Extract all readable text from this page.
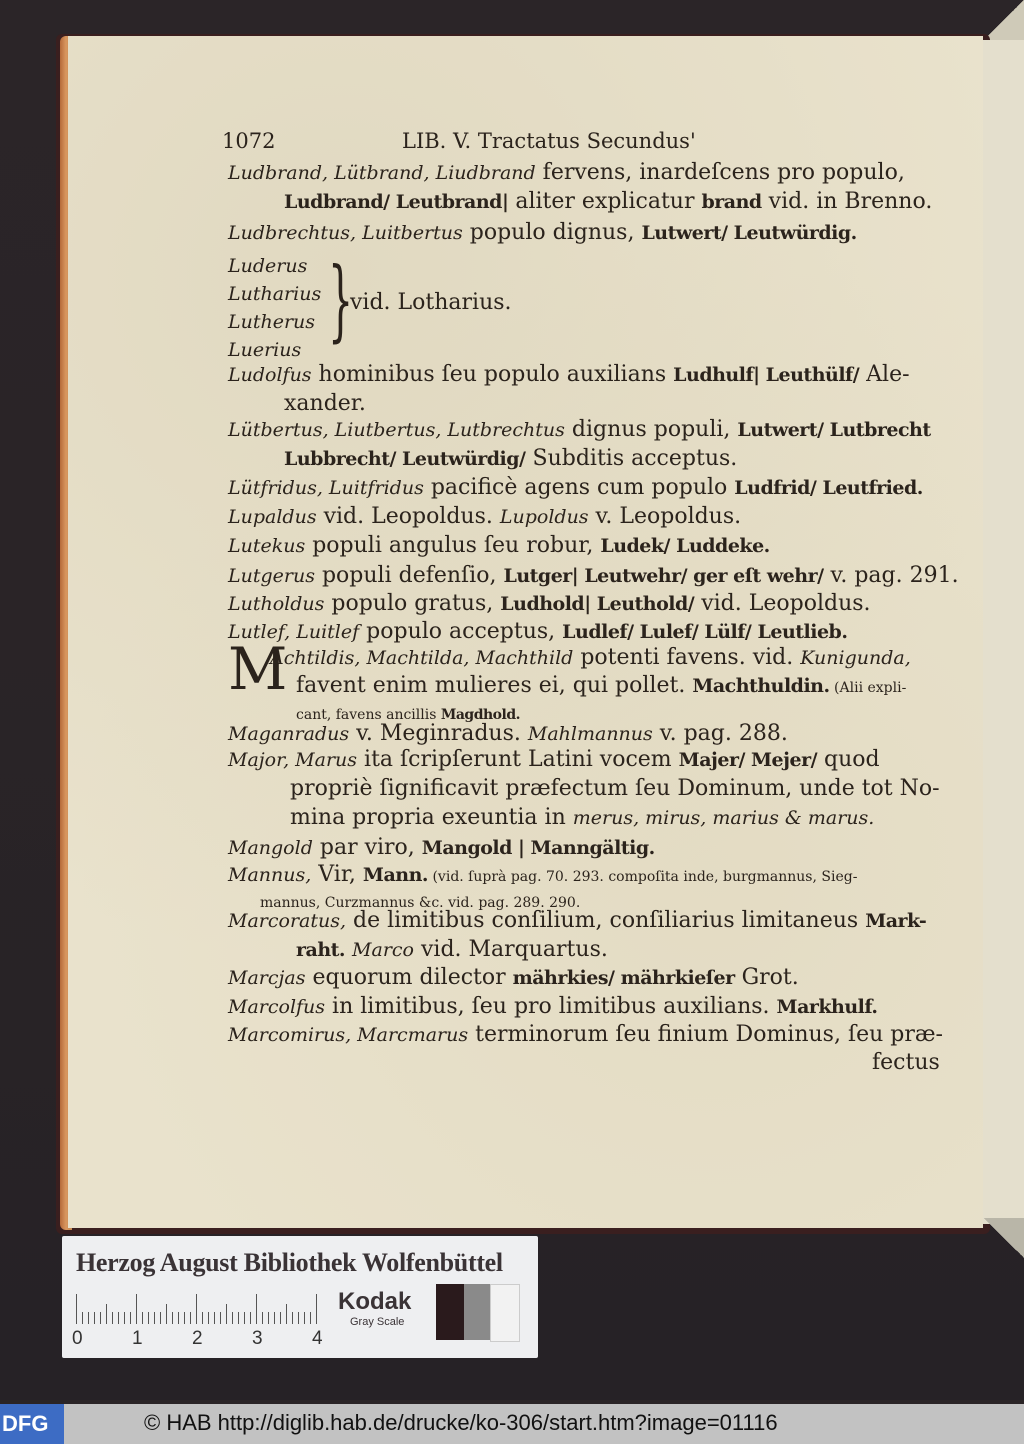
1072	LIB. V. Tractatus Secundus'
M
}
Ludbrand, Lütbrand, Liudbrand fervens, inardeſcens pro populo,
Ludbrand/ Leutbrand| aliter explicatur brand vid. in Brenno.
Ludbrechtus, Luitbertus populo dignus, Lutwert/ Leutwürdig.
Luderus
Lutharius
Lutherus
Luerius
vid. Lotharius.
Ludolfus hominibus ſeu populo auxilians Ludhulf| Leuthülf/ Ale-
xander.
Lütbertus, Liutbertus, Lutbrechtus dignus populi, Lutwert/ Lutbrecht
Lubbrecht/ Leutwürdig/ Subditis acceptus.
Lütfridus, Luitfridus pacificè agens cum populo Ludfrid/ Leutfried.
Lupaldus vid. Leopoldus. Lupoldus v. Leopoldus.
Lutekus populi angulus ſeu robur, Ludek/ Luddeke.
Lutgerus populi defenſio, Lutger| Leutwehr/ ger eſt wehr/ v. pag. 291.
Lutholdus populo gratus, Ludhold| Leuthold/ vid. Leopoldus.
Lutlef, Luitlef populo acceptus, Ludlef/ Lulef/ Lülf/ Leutlieb.
Achtildis, Machtilda, Machthild potenti favens. vid. Kunigunda,
favent enim mulieres ei, qui pollet. Machthuldin. (Alii expli-
cant, favens ancillis Magdhold.
Maganradus v. Meginradus. Mahlmannus v. pag. 288.
Major, Marus ita ſcripſerunt Latini vocem Majer/ Mejer/ quod
propriè ſignificavit præfectum ſeu Dominum, unde tot No-
mina propria exeuntia in merus, mirus, marius & marus.
Mangold par viro, Mangold | Manngältig.
Mannus, Vir, Mann. (vid. ſuprà pag. 70. 293. compoſita inde, burgmannus, Sieg-
mannus, Curzmannus &c. vid. pag. 289. 290.
Marcoratus, de limitibus conſilium, conſiliarius limitaneus Mark-
raht. Marco vid. Marquartus.
Marcjas equorum dilector mährkies/ mährkieſer Grot.
Marcolfus in limitibus, ſeu pro limitibus auxilians. Markhulf.
Marcomirus, Marcmarus terminorum ſeu finium Dominus, ſeu præ-
fectus
Herzog August Bibliothek Wolfenbüttel
0	1	2	3	4
Kodak
Gray Scale
DFG	© HAB http://diglib.hab.de/drucke/ko-306/start.htm?image=01116
